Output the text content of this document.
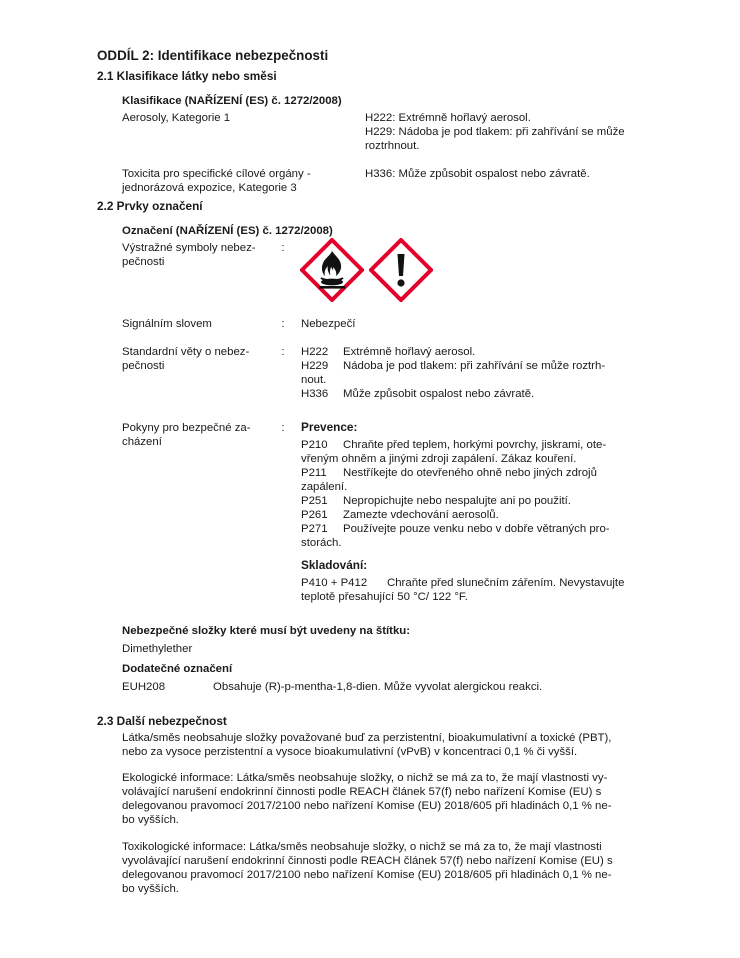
ODDÍL 2: Identifikace nebezpečnosti
2.1 Klasifikace látky nebo směsi
Klasifikace (NAŘÍZENÍ (ES) č. 1272/2008)
Aerosoly, Kategorie 1	H222: Extrémně hořlavý aerosol.
H229: Nádoba je pod tlakem: při zahřívání se může
roztrhnout.
Toxicita pro specifické cílové orgány -
jednorázová expozice, Kategorie 3
H336: Může způsobit ospalost nebo závratě.
2.2 Prvky označení
Označení (NAŘÍZENÍ (ES) č. 1272/2008)
Výstražné symboly nebez-
pečnosti
:
Signálním slovem	:	Nebezpečí
Standardní věty o nebez-
pečnosti
:	H222 Extrémně hořlavý aerosol.
H229 Nádoba je pod tlakem: při zahřívání se může roztrh-
nout.
H336 Může způsobit ospalost nebo závratě.
Pokyny pro bezpečné za-
cházení
: Prevence:
P210 Chraňte před teplem, horkými povrchy, jiskrami, ote-
vřeným ohněm a jinými zdroji zapálení. Zákaz kouření.
P211 Nestříkejte do otevřeného ohně nebo jiných zdrojů
zapálení.
P251 Nepropichujte nebo nespalujte ani po použití.
P261 Zamezte vdechování aerosolů.
P271 Používejte pouze venku nebo v dobře větraných pro-
storách.
Skladování:
P410 + P412 Chraňte před slunečním zářením. Nevystavujte
teplotě přesahující 50 °C/ 122 °F.
Nebezpečné složky které musí být uvedeny na štítku:
Dimethylether
Dodatečné označení
EUH208	Obsahuje (R)-p-mentha-1,8-dien. Může vyvolat alergickou reakci.
2.3 Další nebezpečnost

Látka/směs neobsahuje složky považované buď za perzistentní, bioakumulativní a toxické (PBT),

nebo za vysoce perzistentní a vysoce bioakumulativní (vPvB) v koncentraci 0,1 % či vyšší.

Ekologické informace: Látka/směs neobsahuje složky, o nichž se má za to, že mají vlastnosti vy-

volávající narušení endokrinní činnosti podle REACH článek 57(f) nebo nařízení Komise (EU) s

delegovanou pravomocí 2017/2100 nebo nařízení Komise (EU) 2018/605 při hladinách 0,1 % ne-

bo vyšších.

Toxikologické informace: Látka/směs neobsahuje složky, o nichž se má za to, že mají vlastnosti

vyvolávající narušení endokrinní činnosti podle REACH článek 57(f) nebo nařízení Komise (EU) s

delegovanou pravomocí 2017/2100 nebo nařízení Komise (EU) 2018/605 při hladinách 0,1 % ne-

bo vyšších.
